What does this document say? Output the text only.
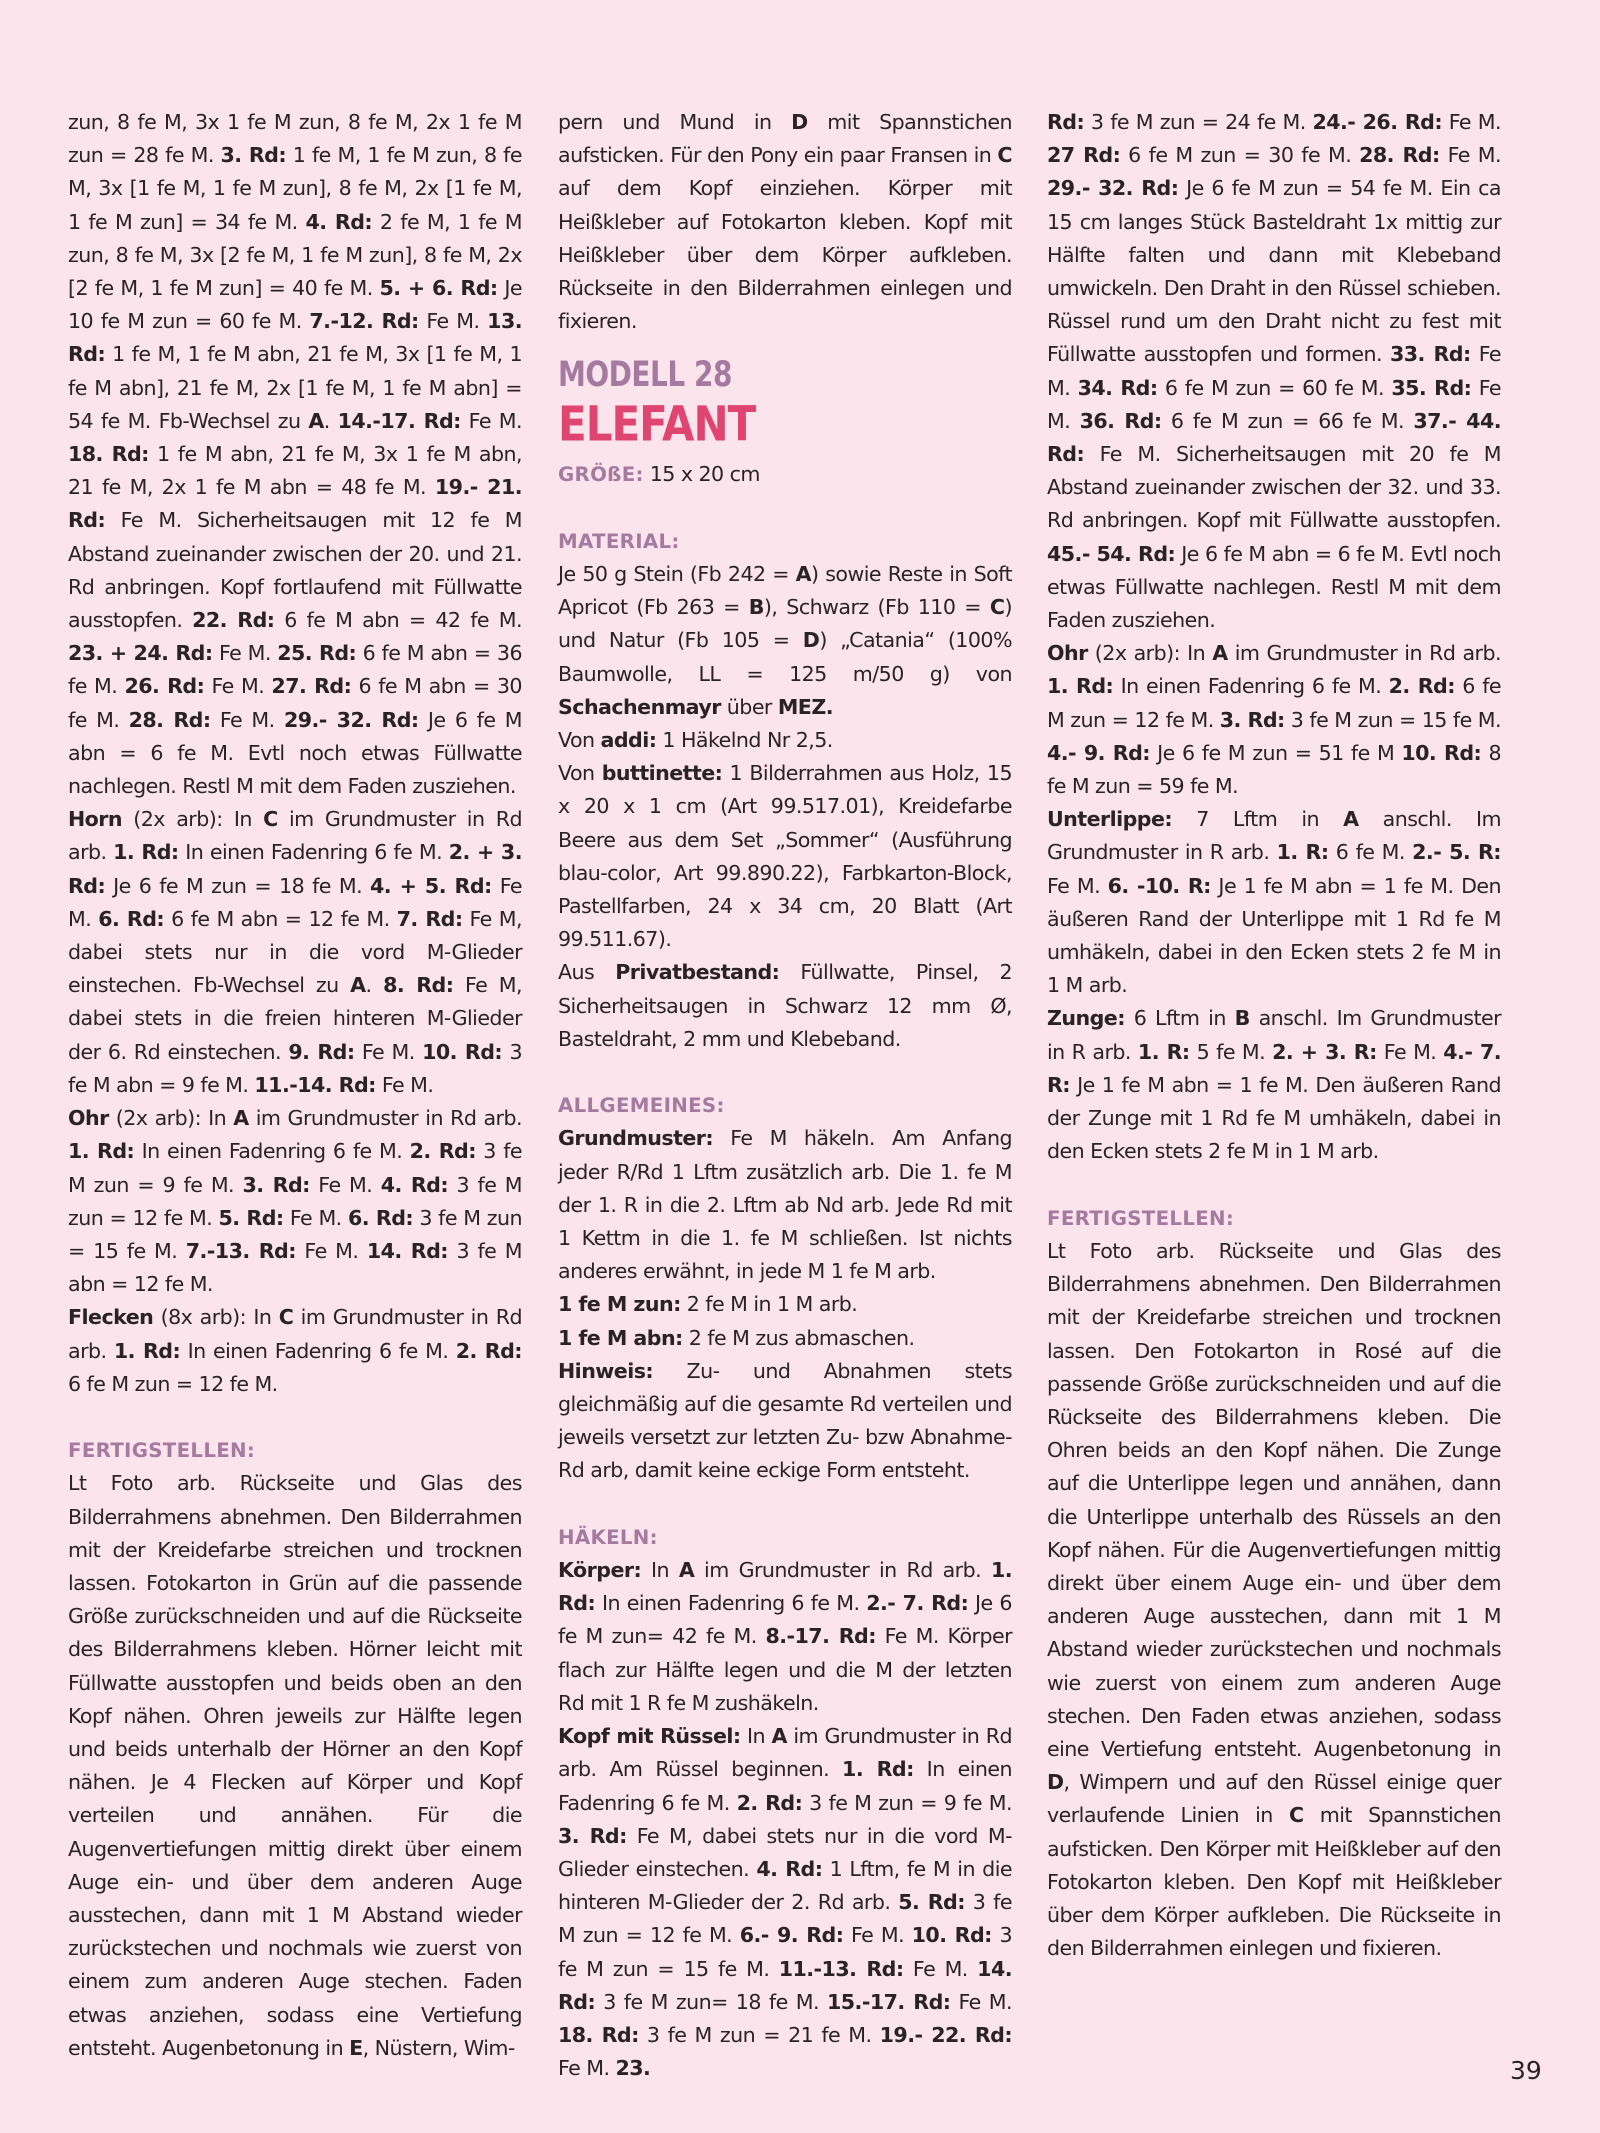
zun, 8 fe M, 3x 1 fe M zun, 8 fe M, 2x 1 fe M zun = 28 fe M. 3. Rd: 1 fe M, 1 fe M zun, 8 fe M, 3x [1 fe M, 1 fe M zun], 8 fe M, 2x [1 fe M, 1 fe M zun] = 34 fe M. 4. Rd: 2 fe M, 1 fe M zun, 8 fe M, 3x [2 fe M, 1 fe M zun], 8 fe M, 2x [2 fe M, 1 fe M zun] = 40 fe M. 5. + 6. Rd: Je 10 fe M zun = 60 fe M. 7.-12. Rd: Fe M. 13. Rd: 1 fe M, 1 fe M abn, 21 fe M, 3x [1 fe M, 1 fe M abn], 21 fe M, 2x [1 fe M, 1 fe M abn] = 54 fe M. Fb-Wechsel zu A. 14.-17. Rd: Fe M. 18. Rd: 1 fe M abn, 21 fe M, 3x 1 fe M abn, 21 fe M, 2x 1 fe M abn = 48 fe M. 19.- 21. Rd: Fe M. Sicherheitsaugen mit 12 fe M Abstand zueinander zwischen der 20. und 21. Rd anbringen. Kopf fortlaufend mit Füllwatte ausstopfen. 22. Rd: 6 fe M abn = 42 fe M. 23. + 24. Rd: Fe M. 25. Rd: 6 fe M abn = 36 fe M. 26. Rd: Fe M. 27. Rd: 6 fe M abn = 30 fe M. 28. Rd: Fe M. 29.- 32. Rd: Je 6 fe M abn = 6 fe M. Evtl noch etwas Füllwatte nachlegen. Restl M mit dem Faden zusziehen.

Horn (2x arb): In C im Grundmuster in Rd arb. 1. Rd: In einen Fadenring 6 fe M. 2. + 3. Rd: Je 6 fe M zun = 18 fe M. 4. + 5. Rd: Fe M. 6. Rd: 6 fe M abn = 12 fe M. 7. Rd: Fe M, dabei stets nur in die vord M-Glieder einstechen. Fb-Wechsel zu A. 8. Rd: Fe M, dabei stets in die freien hinteren M-Glieder der 6. Rd einstechen. 9. Rd: Fe M. 10. Rd: 3 fe M abn = 9 fe M. 11.-14. Rd: Fe M.

Ohr (2x arb): In A im Grundmuster in Rd arb. 1. Rd: In einen Fadenring 6 fe M. 2. Rd: 3 fe M zun = 9 fe M. 3. Rd: Fe M. 4. Rd: 3 fe M zun = 12 fe M. 5. Rd: Fe M. 6. Rd: 3 fe M zun = 15 fe M. 7.-13. Rd: Fe M. 14. Rd: 3 fe M abn = 12 fe M.

Flecken (8x arb): In C im Grundmuster in Rd arb. 1. Rd: In einen Fadenring 6 fe M. 2. Rd: 6 fe M zun = 12 fe M.

FERTIGSTELLEN:

Lt Foto arb. Rückseite und Glas des Bilderrahmens abnehmen. Den Bilderrahmen mit der Kreidefarbe streichen und trocknen lassen. Fotokarton in Grün auf die passende Größe zurückschneiden und auf die Rückseite des Bilderrahmens kleben. Hörner leicht mit Füllwatte ausstopfen und beids oben an den Kopf nähen. Ohren jeweils zur Hälfte legen und beids unterhalb der Hörner an den Kopf nähen. Je 4 Flecken auf Körper und Kopf verteilen und annähen. Für die Augenvertiefungen mittig direkt über einem Auge ein- und über dem anderen Auge ausstechen, dann mit 1 M Abstand wieder zurückstechen und nochmals wie zuerst von einem zum anderen Auge stechen. Faden etwas anziehen, sodass eine Vertiefung entsteht. Augenbetonung in E, Nüstern, Wim-

pern und Mund in D mit Spannstichen aufsticken. Für den Pony ein paar Fransen in C auf dem Kopf einziehen. Körper mit Heißkleber auf Fotokarton kleben. Kopf mit Heißkleber über dem Körper aufkleben. Rückseite in den Bilderrahmen einlegen und fixieren.

MODELL 28
ELEFANT

GRÖßE: 15 x 20 cm

MATERIAL:

Je 50 g Stein (Fb 242 = A) sowie Reste in Soft Apricot (Fb 263 = B), Schwarz (Fb 110 = C) und Natur (Fb 105 = D) „Catania“ (100% Baumwolle, LL = 125 m/50 g) von Schachenmayr über MEZ.

Von addi: 1 Häkelnd Nr 2,5.

Von buttinette: 1 Bilderrahmen aus Holz, 15 x 20 x 1 cm (Art 99.517.01), Kreidefarbe Beere aus dem Set „Sommer“ (Ausführung blau-color, Art 99.890.22), Farbkarton-Block, Pastellfarben, 24 x 34 cm, 20 Blatt (Art 99.511.67).

Aus Privatbestand: Füllwatte, Pinsel, 2 Sicherheitsaugen in Schwarz 12 mm Ø, Basteldraht, 2 mm und Klebeband.

ALLGEMEINES:

Grundmuster: Fe M häkeln. Am Anfang jeder R/Rd 1 Lftm zusätzlich arb. Die 1. fe M der 1. R in die 2. Lftm ab Nd arb. Jede Rd mit 1 Kettm in die 1. fe M schließen. Ist nichts anderes erwähnt, in jede M 1 fe M arb.

1 fe M zun: 2 fe M in 1 M arb.

1 fe M abn: 2 fe M zus abmaschen.

Hinweis: Zu- und Abnahmen stets gleichmäßig auf die gesamte Rd verteilen und jeweils versetzt zur letzten Zu- bzw Abnahme-Rd arb, damit keine eckige Form entsteht.

HÄKELN:

Körper: In A im Grundmuster in Rd arb. 1. Rd: In einen Fadenring 6 fe M. 2.- 7. Rd: Je 6 fe M zun= 42 fe M. 8.-17. Rd: Fe M. Körper flach zur Hälfte legen und die M der letzten Rd mit 1 R fe M zushäkeln.

Kopf mit Rüssel: In A im Grundmuster in Rd arb. Am Rüssel beginnen. 1. Rd: In einen Fadenring 6 fe M. 2. Rd: 3 fe M zun = 9 fe M. 3. Rd: Fe M, dabei stets nur in die vord M-Glieder einstechen. 4. Rd: 1 Lftm, fe M in die hinteren M-Glieder der 2. Rd arb. 5. Rd: 3 fe M zun = 12 fe M. 6.- 9. Rd: Fe M. 10. Rd: 3 fe M zun = 15 fe M. 11.-13. Rd: Fe M. 14. Rd: 3 fe M zun= 18 fe M. 15.-17. Rd: Fe M. 18. Rd: 3 fe M zun = 21 fe M. 19.- 22. Rd: Fe M. 23.

Rd: 3 fe M zun = 24 fe M. 24.- 26. Rd: Fe M. 27 Rd: 6 fe M zun = 30 fe M. 28. Rd: Fe M. 29.- 32. Rd: Je 6 fe M zun = 54 fe M. Ein ca 15 cm langes Stück Basteldraht 1x mittig zur Hälfte falten und dann mit Klebeband umwickeln. Den Draht in den Rüssel schieben. Rüssel rund um den Draht nicht zu fest mit Füllwatte ausstopfen und formen. 33. Rd: Fe M. 34. Rd: 6 fe M zun = 60 fe M. 35. Rd: Fe M. 36. Rd: 6 fe M zun = 66 fe M. 37.- 44. Rd: Fe M. Sicherheitsaugen mit 20 fe M Abstand zueinander zwischen der 32. und 33. Rd anbringen. Kopf mit Füllwatte ausstopfen. 45.- 54. Rd: Je 6 fe M abn = 6 fe M. Evtl noch etwas Füllwatte nachlegen. Restl M mit dem Faden zusziehen.

Ohr (2x arb): In A im Grundmuster in Rd arb. 1. Rd: In einen Fadenring 6 fe M. 2. Rd: 6 fe M zun = 12 fe M. 3. Rd: 3 fe M zun = 15 fe M. 4.- 9. Rd: Je 6 fe M zun = 51 fe M 10. Rd: 8 fe M zun = 59 fe M.

Unterlippe: 7 Lftm in A anschl. Im Grundmuster in R arb. 1. R: 6 fe M. 2.- 5. R: Fe M. 6. -10. R: Je 1 fe M abn = 1 fe M. Den äußeren Rand der Unterlippe mit 1 Rd fe M umhäkeln, dabei in den Ecken stets 2 fe M in 1 M arb.

Zunge: 6 Lftm in B anschl. Im Grundmuster in R arb. 1. R: 5 fe M. 2. + 3. R: Fe M. 4.- 7. R: Je 1 fe M abn = 1 fe M. Den äußeren Rand der Zunge mit 1 Rd fe M umhäkeln, dabei in den Ecken stets 2 fe M in 1 M arb.

FERTIGSTELLEN:

Lt Foto arb. Rückseite und Glas des Bilderrahmens abnehmen. Den Bilderrahmen mit der Kreidefarbe streichen und trocknen lassen. Den Fotokarton in Rosé auf die passende Größe zurückschneiden und auf die Rückseite des Bilderrahmens kleben. Die Ohren beids an den Kopf nähen. Die Zunge auf die Unterlippe legen und annähen, dann die Unterlippe unterhalb des Rüssels an den Kopf nähen. Für die Augenvertiefungen mittig direkt über einem Auge ein- und über dem anderen Auge ausstechen, dann mit 1 M Abstand wieder zurückstechen und nochmals wie zuerst von einem zum anderen Auge stechen. Den Faden etwas anziehen, sodass eine Vertiefung entsteht. Augenbetonung in D, Wimpern und auf den Rüssel einige quer verlaufende Linien in C mit Spannstichen aufsticken. Den Körper mit Heißkleber auf den Fotokarton kleben. Den Kopf mit Heißkleber über dem Körper aufkleben. Die Rückseite in den Bilderrahmen einlegen und fixieren.

39
